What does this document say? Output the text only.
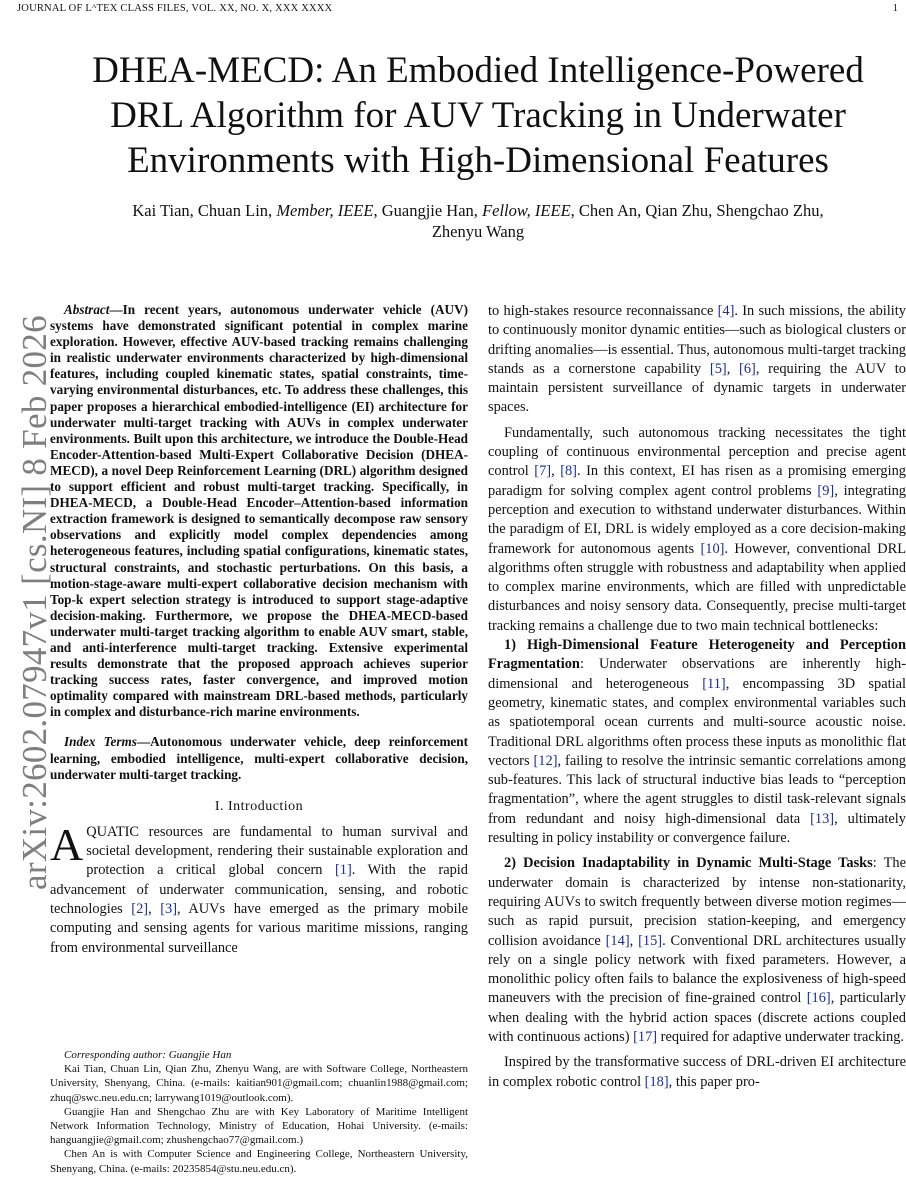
JOURNAL OF LᴬTEX CLASS FILES, VOL. XX, NO. X, XXX XXXX	1
arXiv:2602.07947v1 [cs.NI] 8 Feb 2026
DHEA-MECD: An Embodied Intelligence-Powered
DRL Algorithm for AUV Tracking in Underwater
Environments with High-Dimensional Features
Kai Tian, Chuan Lin, Member, IEEE, Guangjie Han, Fellow, IEEE, Chen An, Qian Zhu, Shengchao Zhu,
Zhenyu Wang

Abstract—In recent years, autonomous underwater vehicle (AUV) systems have demonstrated significant potential in complex marine exploration. However, effective AUV-based tracking remains challenging in realistic underwater environments characterized by high-dimensional features, including coupled kinematic states, spatial constraints, time-varying environmental disturbances, etc. To address these challenges, this paper proposes a hierarchical embodied-intelligence (EI) architecture for underwater multi-target tracking with AUVs in complex underwater environments. Built upon this architecture, we introduce the Double-Head Encoder-Attention-based Multi-Expert Collaborative Decision (DHEA-MECD), a novel Deep Reinforcement Learning (DRL) algorithm designed to support efficient and robust multi-target tracking. Specifically, in DHEA-MECD, a Double-Head Encoder–Attention-based information extraction framework is designed to semantically decompose raw sensory observations and explicitly model complex dependencies among heterogeneous features, including spatial configurations, kinematic states, structural constraints, and stochastic perturbations. On this basis, a motion-stage-aware multi-expert collaborative decision mechanism with Top-k expert selection strategy is introduced to support stage-adaptive decision-making. Furthermore, we propose the DHEA-MECD-based underwater multi-target tracking algorithm to enable AUV smart, stable, and anti-interference multi-target tracking. Extensive experimental results demonstrate that the proposed approach achieves superior tracking success rates, faster convergence, and improved motion optimality compared with mainstream DRL-based methods, particularly in complex and disturbance-rich marine environments.

Index Terms—Autonomous underwater vehicle, deep reinforcement learning, embodied intelligence, multi-expert collaborative decision, underwater multi-target tracking.

I. Introduction

AQUATIC resources are fundamental to human survival and societal development, rendering their sustainable exploration and protection a critical global concern [1]. With the rapid advancement of underwater communication, sensing, and robotic technologies [2], [3], AUVs have emerged as the primary mobile computing and sensing agents for various maritime missions, ranging from environmental surveillance

Corresponding author: Guangjie Han

Kai Tian, Chuan Lin, Qian Zhu, Zhenyu Wang, are with Software College, Northeastern University, Shenyang, China. (e-mails: kaitian901@gmail.com; chuanlin1988@gmail.com; zhuq@swc.neu.edu.cn; larrywang1019@outlook.com).

Guangjie Han and Shengchao Zhu are with Key Laboratory of Maritime Intelligent Network Information Technology, Ministry of Education, Hohai University. (e-mails: hanguangjie@gmail.com; zhushengchao77@gmail.com.)

Chen An is with Computer Science and Engineering College, Northeastern University, Shenyang, China. (e-mails: 20235854@stu.neu.edu.cn).

to high-stakes resource reconnaissance [4]. In such missions, the ability to continuously monitor dynamic entities—such as biological clusters or drifting anomalies—is essential. Thus, autonomous multi-target tracking stands as a cornerstone capability [5], [6], requiring the AUV to maintain persistent surveillance of dynamic targets in underwater spaces.

Fundamentally, such autonomous tracking necessitates the tight coupling of continuous environmental perception and precise agent control [7], [8]. In this context, EI has risen as a promising emerging paradigm for solving complex agent control problems [9], integrating perception and execution to withstand underwater disturbances. Within the paradigm of EI, DRL is widely employed as a core decision-making framework for autonomous agents [10]. However, conventional DRL algorithms often struggle with robustness and adaptability when applied to complex marine environments, which are filled with unpredictable disturbances and noisy sensory data. Consequently, precise multi-target tracking remains a challenge due to two main technical bottlenecks:

1) High-Dimensional Feature Heterogeneity and Perception Fragmentation: Underwater observations are inherently high-dimensional and heterogeneous [11], encompassing 3D spatial geometry, kinematic states, and complex environmental variables such as spatiotemporal ocean currents and multi-source acoustic noise. Traditional DRL algorithms often process these inputs as monolithic flat vectors [12], failing to resolve the intrinsic semantic correlations among sub-features. This lack of structural inductive bias leads to “perception fragmentation”, where the agent struggles to distil task-relevant signals from redundant and noisy high-dimensional data [13], ultimately resulting in policy instability or convergence failure.

2) Decision Inadaptability in Dynamic Multi-Stage Tasks: The underwater domain is characterized by intense non-stationarity, requiring AUVs to switch frequently between diverse motion regimes—such as rapid pursuit, precision station-keeping, and emergency collision avoidance [14], [15]. Conventional DRL architectures usually rely on a single policy network with fixed parameters. However, a monolithic policy often fails to balance the explosiveness of high-speed maneuvers with the precision of fine-grained control [16], particularly when dealing with the hybrid action spaces (discrete actions coupled with continuous actions) [17] required for adaptive underwater tracking.

Inspired by the transformative success of DRL-driven EI architecture in complex robotic control [18], this paper pro-
